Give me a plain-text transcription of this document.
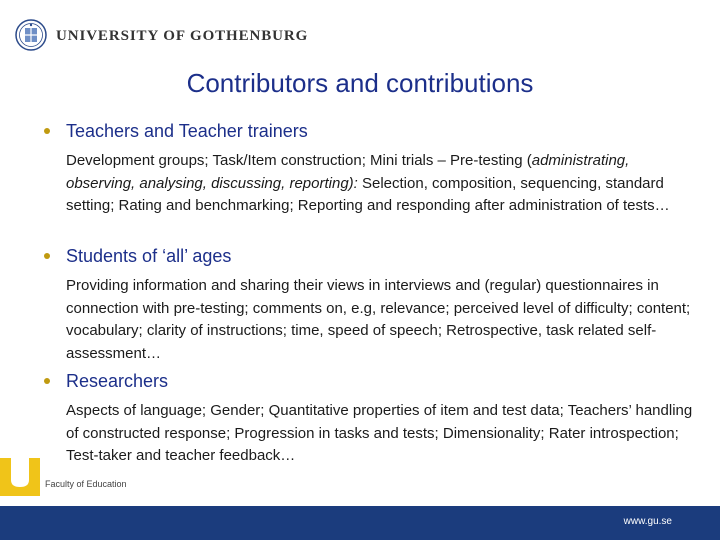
UNIVERSITY OF GOTHENBURG
Contributors and contributions
Teachers and Teacher trainers
Development groups; Task/Item construction; Mini trials – Pre-testing (administrating, observing, analysing, discussing, reporting): Selection, composition, sequencing, standard setting; Rating and benchmarking; Reporting and responding after administration of tests…
Students of ‘all’ ages
Providing information and sharing their views in interviews and (regular) questionnaires in connection with pre-testing; comments on, e.g, relevance; perceived level of difficulty; content; vocabulary; clarity of instructions; time, speed of speech; Retrospective, task related self-assessment…
Researchers
Aspects of language; Gender; Quantitative properties of item and test data; Teachers’ handling of constructed response; Progression in tasks and tests; Dimensionality; Rater introspection; Test-taker and teacher feedback…
Faculty of Education
www.gu.se
